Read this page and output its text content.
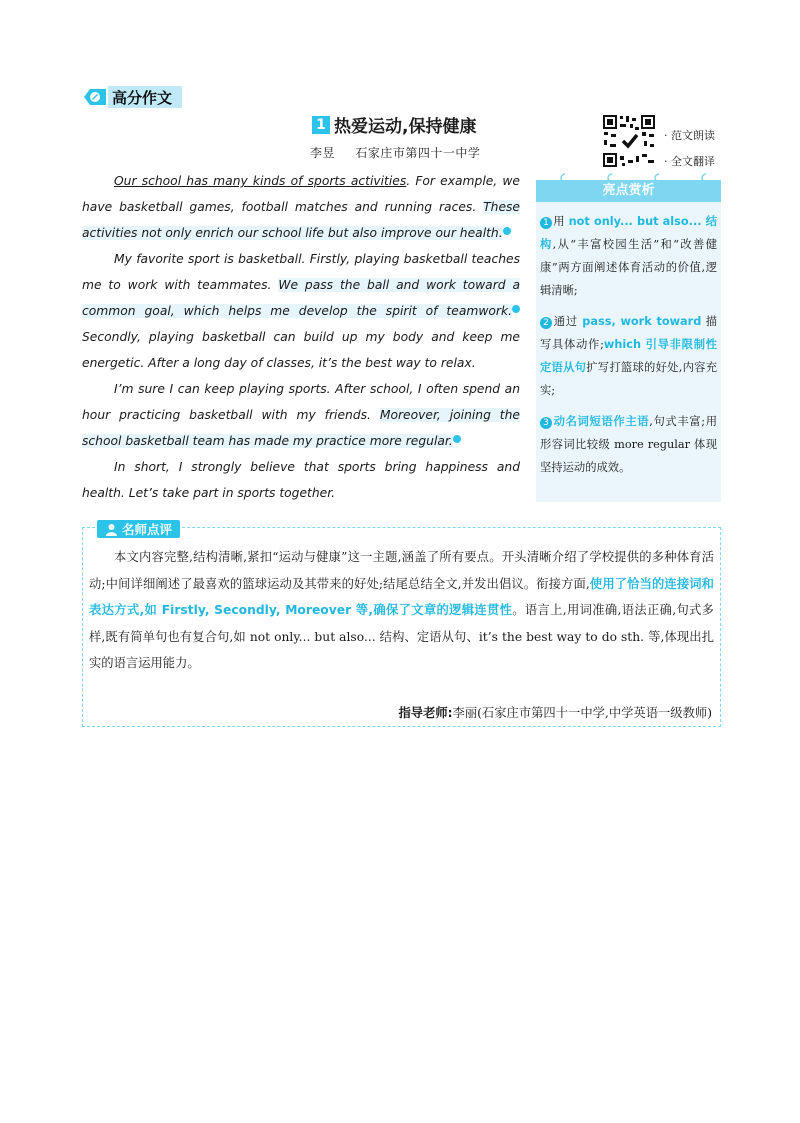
高分作文
1 热爱运动,保持健康
李昱 石家庄市第四十一中学
· 范文朗读
· 全文翻译

Our school has many kinds of sports activities. For example, we have basketball games, football matches and running races. These activities not only enrich our school life but also improve our health.

My favorite sport is basketball. Firstly, playing basketball teaches me to work with teammates. We pass the ball and work toward a common goal, which helps me develop the spirit of teamwork. Secondly, playing basketball can build up my body and keep me energetic. After a long day of classes, it’s the best way to relax.

I’m sure I can keep playing sports. After school, I often spend an hour practicing basketball with my friends. Moreover, joining the school basketball team has made my practice more regular.	3

In short, I strongly believe that sports bring happiness and health. Let’s take part in sports together.

亮点赏析

1 用 not only... but also... 结构,从“丰富校园生活”和“改善健康”两方面阐述体育活动的价值,逻辑清晰;

2 通过 pass, work toward 描写具体动作;which 引导非限制性定语从句扩写打篮球的好处,内容充实;

3 动名词短语作主语,句式丰富;用形容词比较级 more regular 体现坚持运动的成效。

名师点评

本文内容完整,结构清晰,紧扣“运动与健康”这一主题,涵盖了所有要点。开头清晰介绍了学校提供的多种体育活动;中间详细阐述了最喜欢的篮球运动及其带来的好处;结尾总结全文,并发出倡议。衔接方面,使用了恰当的连接词和表达方式,如 Firstly, Secondly, Moreover 等,确保了文章的逻辑连贯性。语言上,用词准确,语法正确,句式多样,既有简单句也有复合句,如 not only... but also... 结构、定语从句、it’s the best way to do sth. 等,体现出扎实的语言运用能力。

指导老师:李丽(石家庄市第四十一中学,中学英语一级教师)
